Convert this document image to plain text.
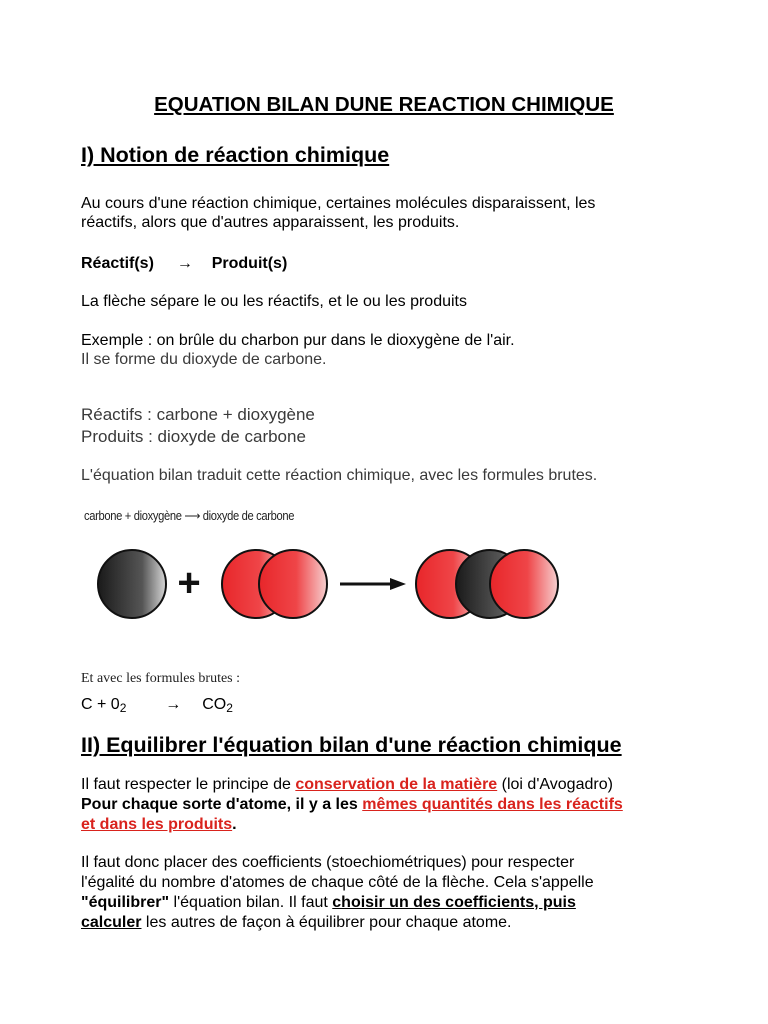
EQUATION BILAN DUNE REACTION CHIMIQUE
I) Notion de réaction chimique
Au cours d'une réaction chimique, certaines molécules disparaissent, les
réactifs, alors que d'autres apparaissent, les produits.
Réactif(s) → Produit(s)
La flèche sépare le ou les réactifs, et le ou les produits
Exemple : on brûle du charbon pur dans le dioxygène de l'air.
Il se forme du dioxyde de carbone.
Réactifs : carbone + dioxygène
Produits : dioxyde de carbone
L'équation bilan traduit cette réaction chimique, avec les formules brutes.
carbone + dioxygène ⟶ dioxyde de carbone
+
Et avec les formules brutes :
$C + 0_2 \to CO_2$
II) Equilibrer l'équation bilan d'une réaction chimique
Il faut respecter le principe de conservation de la matière (loi d'Avogadro)
Pour chaque sorte d'atome, il y a les mêmes quantités dans les réactifs
et dans les produits.
Il faut donc placer des coefficients (stoechiométriques) pour respecter
l'égalité du nombre d'atomes de chaque côté de la flèche. Cela s'appelle
"équilibrer" l'équation bilan. Il faut choisir un des coefficients, puis
calculer les autres de façon à équilibrer pour chaque atome.
